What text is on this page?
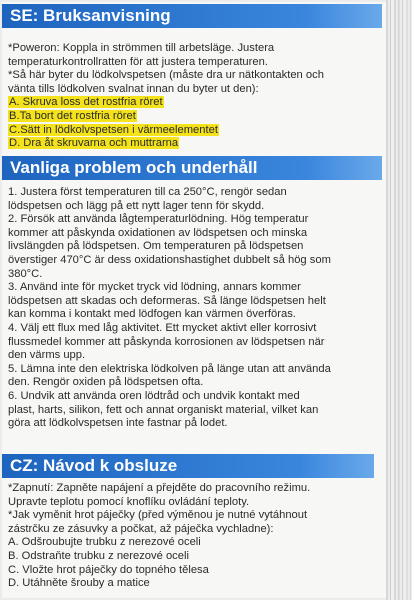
SE: Bruksanvisning

*Poweron: Koppla in strömmen till arbetsläge. Justera

temperaturkontrollratten för att justera temperaturen.

*Så här byter du lödkolvspetsen (måste dra ur nätkontakten och

vänta tills lödkolven svalnat innan du byter ut den):

A. Skruva loss det rostfria röret

B.Ta bort det rostfria röret

C.Sätt in lödkolvspetsen i värmeelementet

D. Dra åt skruvarna och muttrarna

Vanliga problem och underhåll

1. Justera först temperaturen till ca 250°C, rengör sedan

lödspetsen och lägg på ett nytt lager tenn för skydd.

2. Försök att använda lågtemperaturlödning. Hög temperatur

kommer att påskynda oxidationen av lödspetsen och minska

livslängden på lödspetsen. Om temperaturen på lödspetsen

överstiger 470°C är dess oxidationshastighet dubbelt så hög som

380°C.

3. Använd inte för mycket tryck vid lödning, annars kommer

lödspetsen att skadas och deformeras. Så länge lödspetsen helt

kan komma i kontakt med lödfogen kan värmen överföras.

4. Välj ett flux med låg aktivitet. Ett mycket aktivt eller korrosivt

flussmedel kommer att påskynda korrosionen av lödspetsen när

den värms upp.

5. Lämna inte den elektriska lödkolven på länge utan att använda

den. Rengör oxiden på lödspetsen ofta.

6. Undvik att använda oren lödtråd och undvik kontakt med

plast, harts, silikon, fett och annat organiskt material, vilket kan

göra att lödkolvspetsen inte fastnar på lodet.

CZ: Návod k obsluze

*Zapnutí: Zapněte napájení a přejděte do pracovního režimu.

Upravte teplotu pomocí knoflíku ovládání teploty.

*Jak vyměnit hrot páječky (před výměnou je nutné vytáhnout

zástrčku ze zásuvky a počkat, až páječka vychladne):

A. Odšroubujte trubku z nerezové oceli

B. Odstraňte trubku z nerezové oceli

C. Vložte hrot páječky do topného tělesa

D. Utáhněte šrouby a matice
